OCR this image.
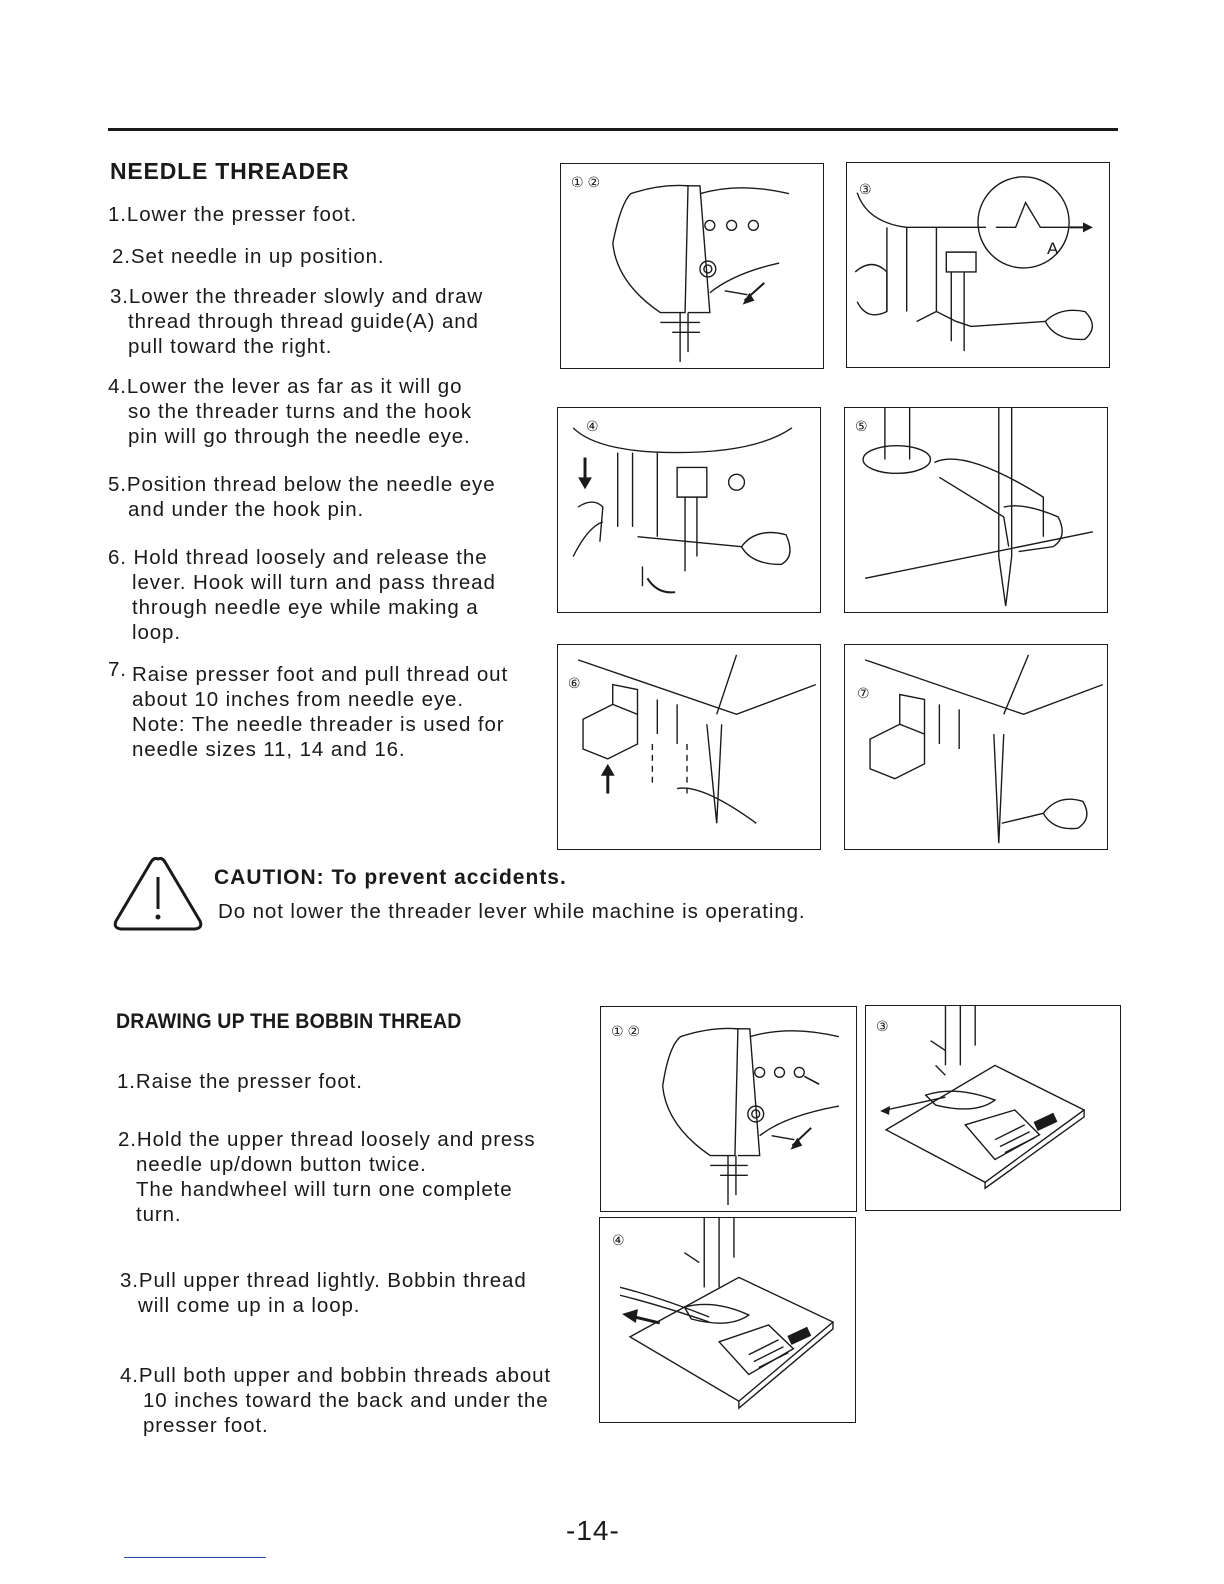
NEEDLE THREADER
1.Lower the presser foot.
2.Set needle in up position.
3.Lower the threader slowly and draw
thread through thread guide(A) and
pull toward the right.
4.Lower the lever as far as it will go
so the threader turns and the hook
pin will go through the needle eye.
5.Position thread below the needle eye
and under the hook pin.
6. Hold thread loosely and release the
lever. Hook will turn and pass thread
through needle eye while making a
loop.
7. Raise presser foot and pull thread out
about 10 inches from needle eye.
Note: The needle threader is used for
needle sizes 11, 14 and 16.
① ②	③
A
④	⑤
⑥
⑦
CAUTION: To prevent accidents.
Do not lower the threader lever while machine is operating.
DRAWING UP THE BOBBIN THREAD
1.Raise the presser foot.
2.Hold the upper thread loosely and press
needle up/down button twice.
The handwheel will turn one complete
turn.
3.Pull upper thread lightly. Bobbin thread
will come up in a loop.
4.Pull both upper and bobbin threads about
10 inches toward the back and under the
presser foot.
① ②	③
④
-14-
